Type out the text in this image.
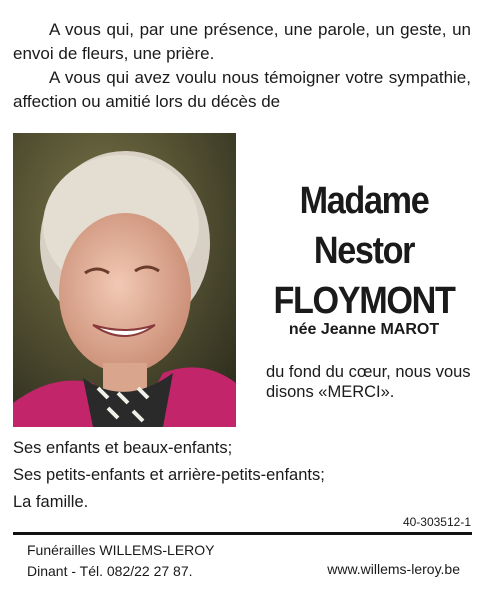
A vous qui, par une présence, une parole, un geste, un envoi de fleurs, une prière.

A vous qui avez voulu nous témoigner votre sympathie, affection ou amitié lors du décès de

Madame
Nestor
FLOYMONT
née Jeanne MAROT
du fond du cœur, nous vous disons «MERCI».
Ses enfants et beaux-enfants;
Ses petits-enfants et arrière-petits-enfants;
La famille.
40-303512-1
Funérailles WILLEMS-LEROY
Dinant - Tél. 082/22 27 87.	www.willems-leroy.be
